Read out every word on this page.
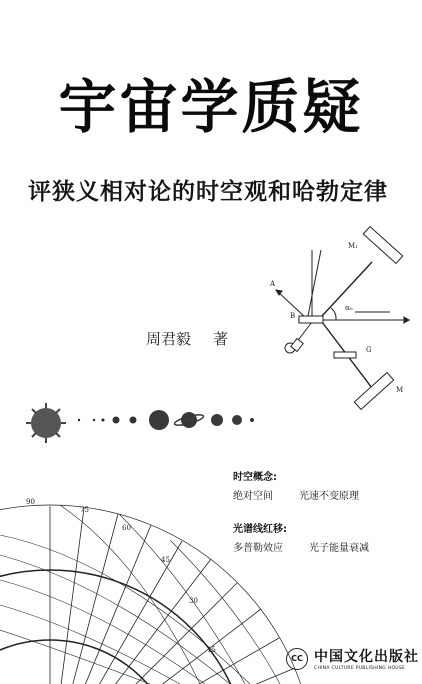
宇宙学质疑
评狭义相对论的时空观和哈勃定律
M₁
A
B
α₀
G
M
周君毅 著
90
75
60
45
30
15
时空概念:
绝对空间	光速不变原理
光谱线红移:
多普勒效应	光子能量衰减
CC 中国文化出版社
CHINA CULTURE PUBLISHING HOUSE
